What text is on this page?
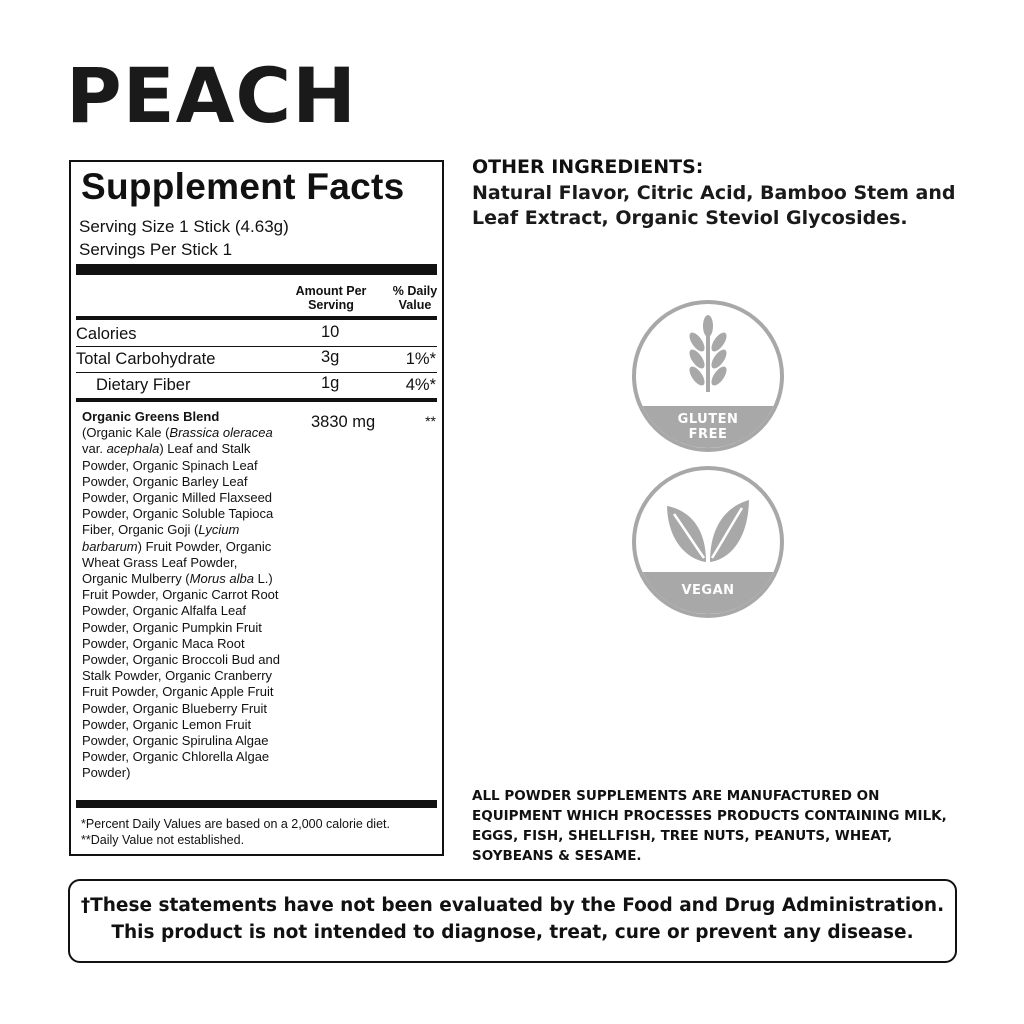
PEACH
Supplement Facts
Serving Size 1 Stick (4.63g)
Servings Per Stick 1
Amount Per Serving
% Daily Value
Calories	10
Total Carbohydrate	3g	1%*
Dietary Fiber	1g	4%*
Organic Greens Blend
(Organic Kale (Brassica oleracea var. acephala) Leaf and Stalk Powder, Organic Spinach Leaf Powder, Organic Barley Leaf Powder, Organic Milled Flaxseed Powder, Organic Soluble Tapioca Fiber, Organic Goji (Lycium barbarum) Fruit Powder, Organic Wheat Grass Leaf Powder, Organic Mulberry (Morus alba L.) Fruit Powder, Organic Carrot Root Powder, Organic Alfalfa Leaf Powder, Organic Pumpkin Fruit Powder, Organic Maca Root Powder, Organic Broccoli Bud and Stalk Powder, Organic Cranberry Fruit Powder, Organic Apple Fruit Powder, Organic Blueberry Fruit Powder, Organic Lemon Fruit Powder, Organic Spirulina Algae Powder, Organic Chlorella Algae Powder)
3830 mg	**
*Percent Daily Values are based on a 2,000 calorie diet.
**Daily Value not established.
OTHER INGREDIENTS:

Natural Flavor, Citric Acid, Bamboo Stem and Leaf Extract, Organic Steviol Glycosides.

GLUTEN
FREE
VEGAN

ALL POWDER SUPPLEMENTS ARE MANUFACTURED ON EQUIPMENT WHICH PROCESSES PRODUCTS CONTAINING MILK, EGGS, FISH, SHELLFISH, TREE NUTS, PEANUTS, WHEAT, SOYBEANS & SESAME.

†These statements have not been evaluated by the Food and Drug Administration.
This product is not intended to diagnose, treat, cure or prevent any disease.
